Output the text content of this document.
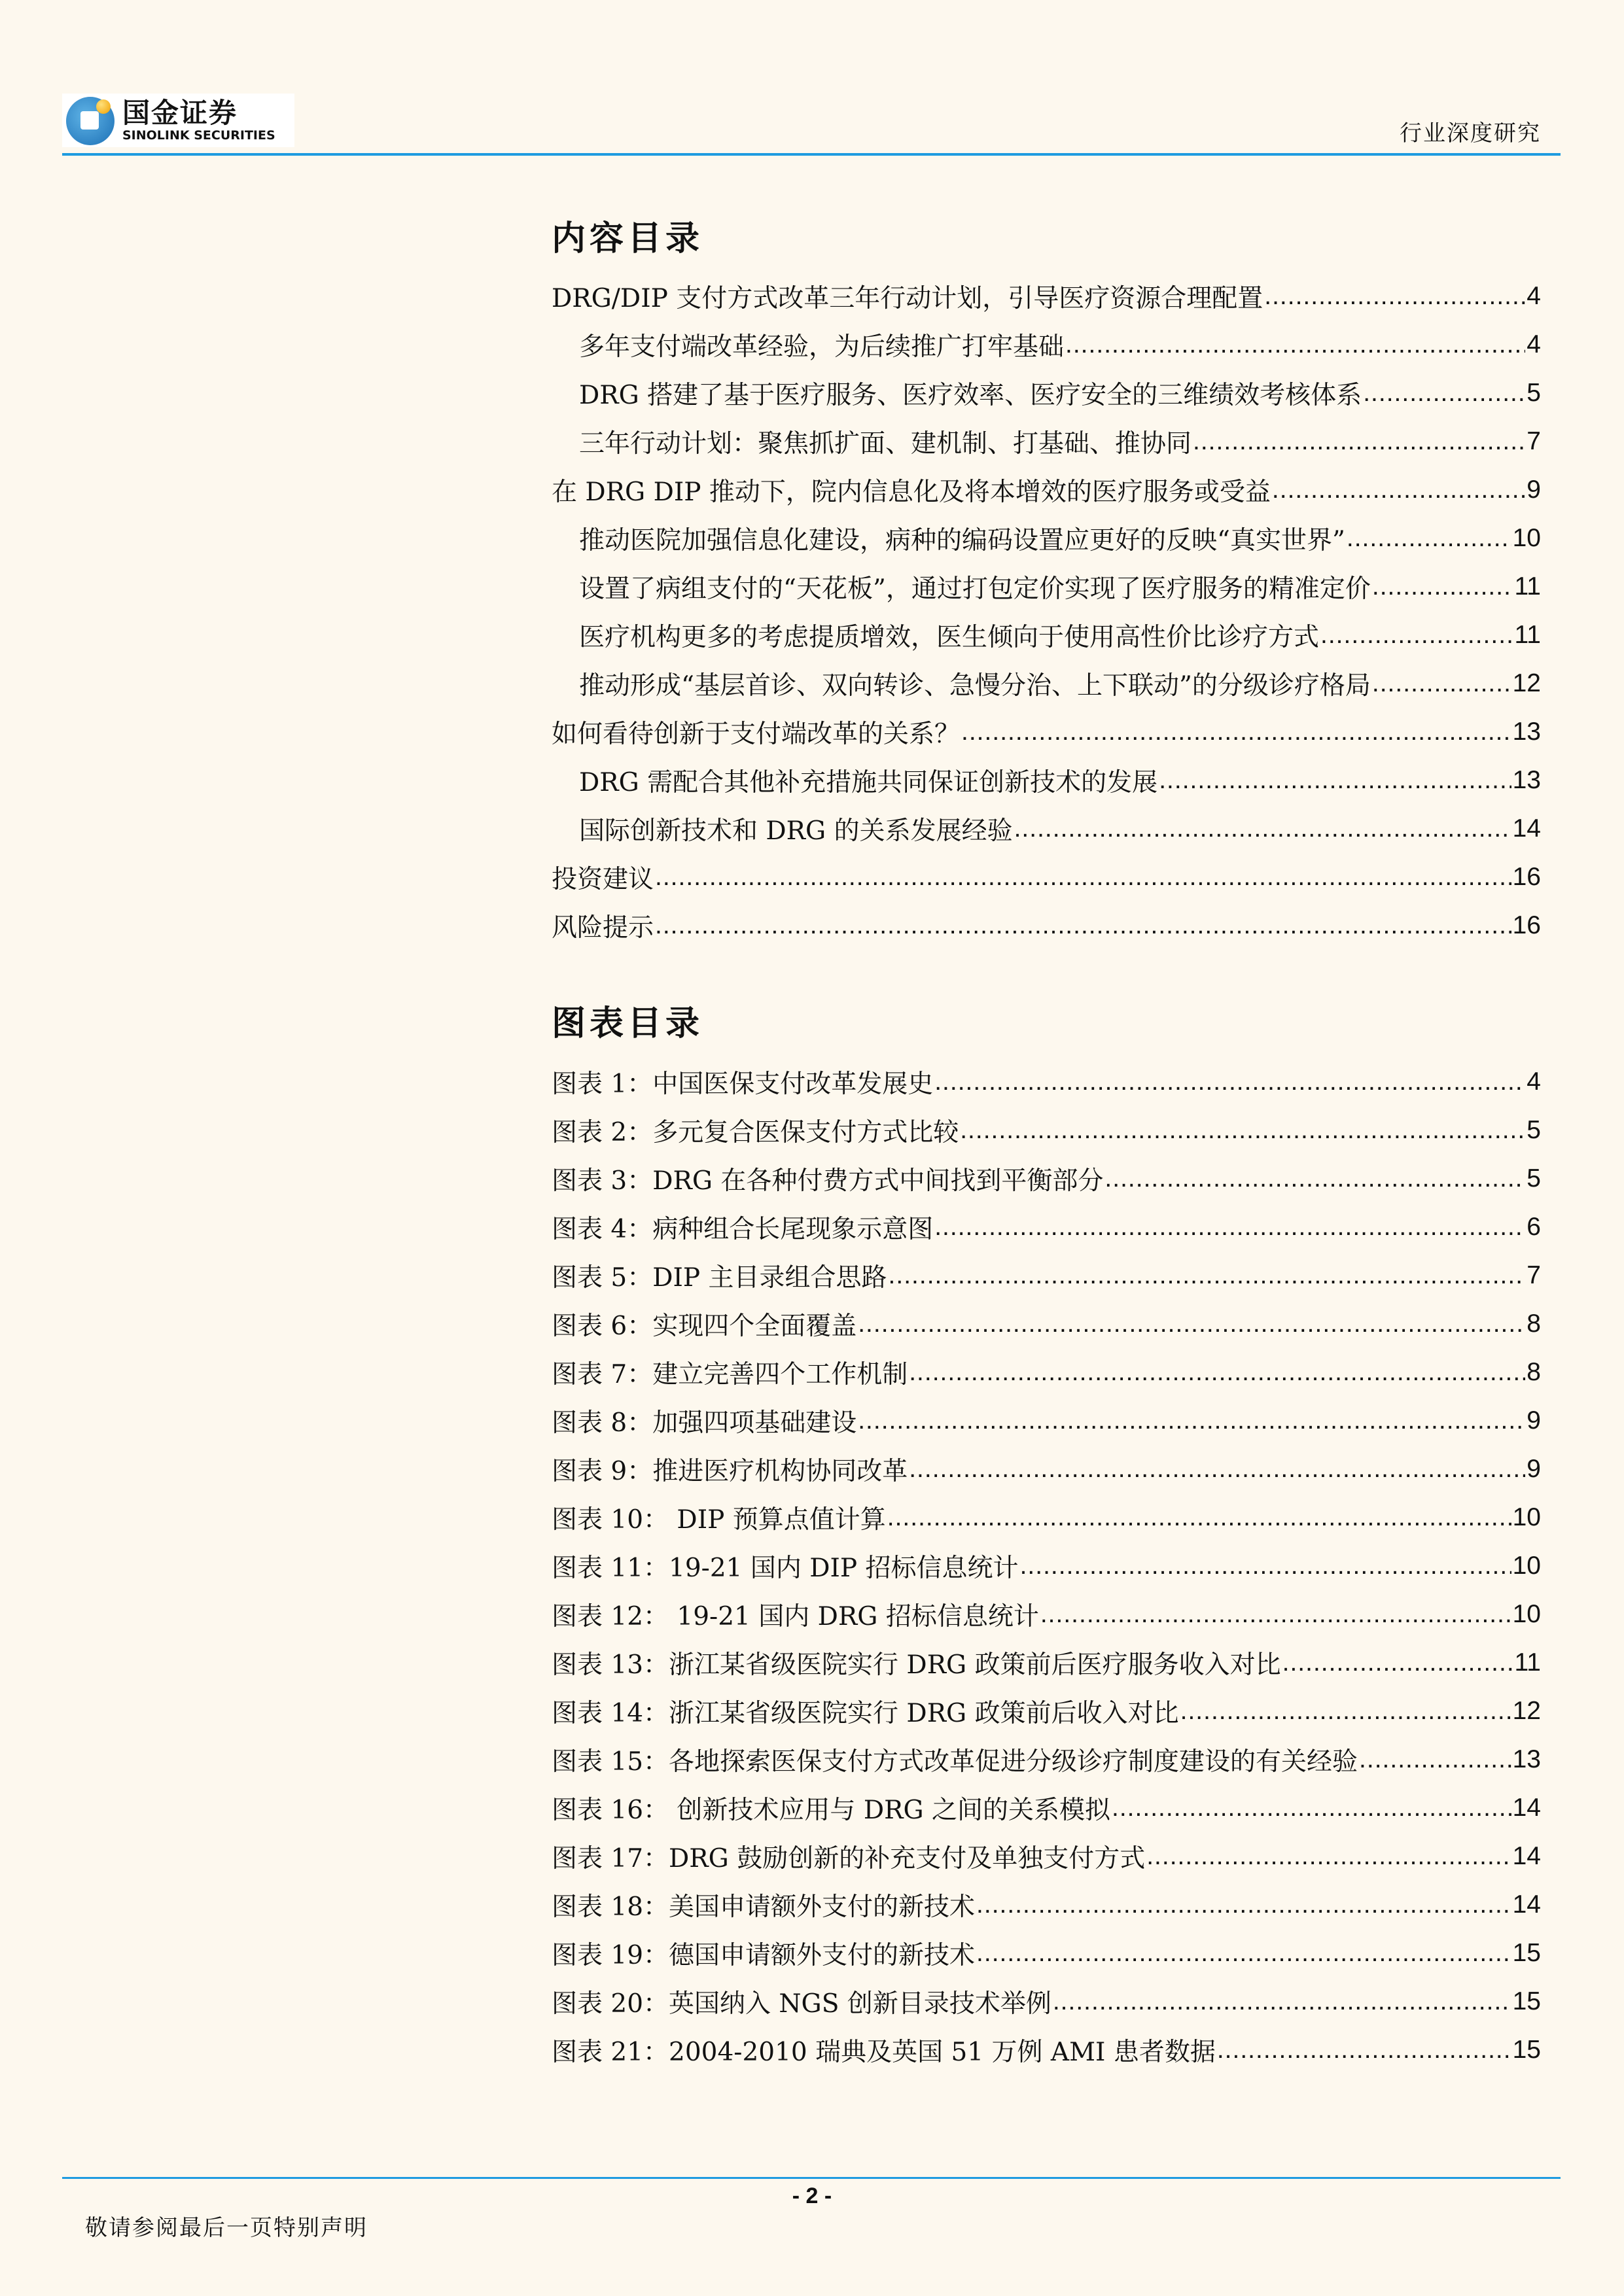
国金证券
SINOLINK SECURITIES	行业深度研究
内容目录
DRG/DIP 支付方式改革三年行动计划，引导医疗资源合理配置 .....	4
多年支付端改革经验，为后续推广打牢基础 .....	4
DRG 搭建了基于医疗服务、医疗效率、医疗安全的三维绩效考核体系 .....	5
三年行动计划：聚焦抓扩面、建机制、打基础、推协同 .....	7
在 DRG DIP 推动下，院内信息化及将本增效的医疗服务或受益 .....	9
推动医院加强信息化建设，病种的编码设置应更好的反映“真实世界” .....	10
设置了病组支付的“天花板”，通过打包定价实现了医疗服务的精准定价 .....	11
医疗机构更多的考虑提质增效，医生倾向于使用高性价比诊疗方式 .....	11
推动形成“基层首诊、双向转诊、急慢分治、上下联动”的分级诊疗格局 .....	12
如何看待创新于支付端改革的关系？ .....	13
DRG 需配合其他补充措施共同保证创新技术的发展 .....	13
国际创新技术和 DRG 的关系发展经验 .....	14
投资建议 .....	16
风险提示 .....	16
图表目录
图表 1：中国医保支付改革发展史 .....	4
图表 2：多元复合医保支付方式比较 .....	5
图表 3：DRG 在各种付费方式中间找到平衡部分 .....	5
图表 4：病种组合长尾现象示意图 .....	6
图表 5：DIP 主目录组合思路 .....	7
图表 6：实现四个全面覆盖 .....	8
图表 7：建立完善四个工作机制 .....	8
图表 8：加强四项基础建设 .....	9
图表 9：推进医疗机构协同改革 .....	9
图表 10： DIP 预算点值计算 .....	10
图表 11：19-21 国内 DIP 招标信息统计 .....	10
图表 12： 19-21 国内 DRG 招标信息统计 .....	10
图表 13：浙江某省级医院实行 DRG 政策前后医疗服务收入对比 .....	11
图表 14：浙江某省级医院实行 DRG 政策前后收入对比 .....	12
图表 15：各地探索医保支付方式改革促进分级诊疗制度建设的有关经验 .....	13
图表 16： 创新技术应用与 DRG 之间的关系模拟 .....	14
图表 17：DRG 鼓励创新的补充支付及单独支付方式 .....	14
图表 18：美国申请额外支付的新技术 .....	14
图表 19：德国申请额外支付的新技术 .....	15
图表 20：英国纳入 NGS 创新目录技术举例 .....	15
图表 21：2004-2010 瑞典及英国 51 万例 AMI 患者数据 .....	15
- 2 -
敬请参阅最后一页特别声明
